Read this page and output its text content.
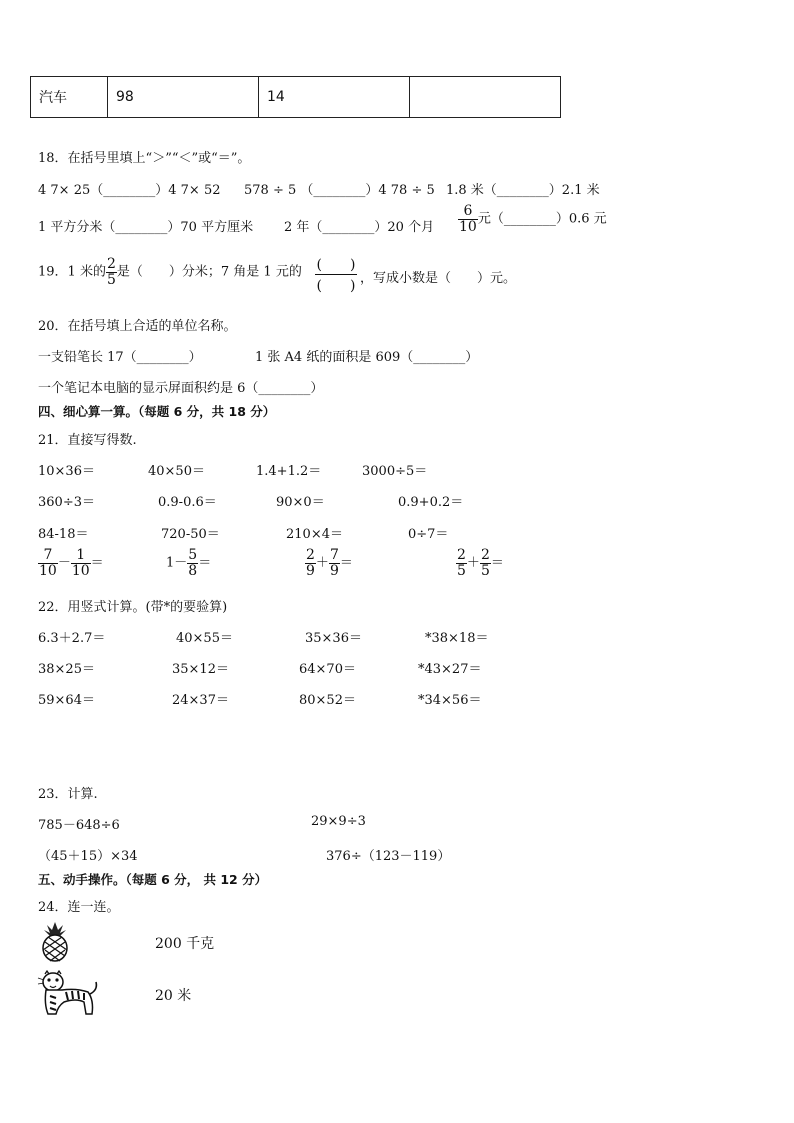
汽车	98	14	
18．在括号里填上“＞”“＜”或“＝”。
4 7× 25（________）4 7× 52 578 ÷ 5 （________）4 78 ÷ 5 1.8 米（________）2.1 米
1 平方分米（________）70 平方厘米 2 年（________）20 个月 $\frac{6}{10}$ 元（________）0.6 元
19．1 米的 $\frac{2}{5}$ 是（　　）分米；7 角是 1 元的 (　　)
(　　) ，写成小数是（　　）元。
20．在括号填上合适的单位名称。
一支铅笔长 17（________）	1 张 A4 纸的面积是 609（________）
一个笔记本电脑的显示屏面积约是 6（________）
四、细心算一算。（每题 6 分，共 18 分）
21．直接写得数.
10×36＝	40×50＝	1.4+1.2＝	3000÷5＝
360÷3＝	0.9-0.6＝	90×0＝	0.9+0.2＝
84-18＝	720-50＝	210×4＝	0÷7＝
$\frac{7}{10} - \frac{1}{10}$ ＝	$1- \frac{5}{8}$ ＝	$\frac{2}{9} + \frac{7}{9}$ ＝	$\frac{2}{5} + \frac{2}{5}$ ＝
22．用竖式计算。(带*的要验算)
6.3＋2.7＝	40×55＝	35×36＝	*38×18＝
38×25＝	35×12＝	64×70＝	*43×27＝
59×64＝	24×37＝	80×52＝	*34×56＝
23．计算.
785－648÷6	29×9÷3
（45＋15）×34	376÷（123－119）
五、动手操作。（每题 6 分， 共 12 分）
24．连一连。
200 千克
20 米
